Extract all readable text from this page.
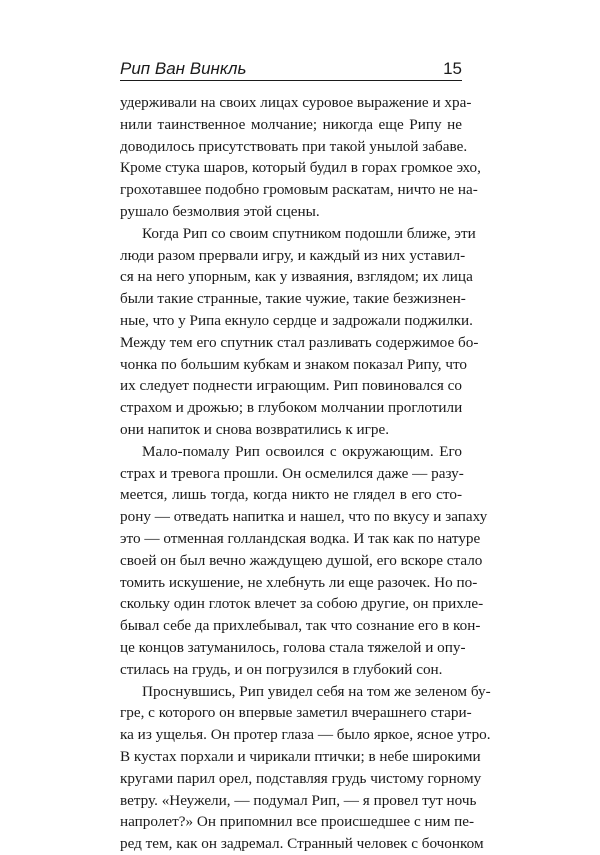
Рип Ван Винкль	15
удерживали на своих лицах суровое выражение и хра-
нили таинственное молчание; никогда еще Рипу не
доводилось присутствовать при такой унылой забаве.
Кроме стука шаров, который будил в горах громкое эхо,
грохотавшее подобно громовым раскатам, ничто не на-
рушало безмолвия этой сцены.
Когда Рип со своим спутником подошли ближе, эти
люди разом прервали игру, и каждый из них уставил-
ся на него упорным, как у изваяния, взглядом; их лица
были такие странные, такие чужие, такие безжизнен-
ные, что у Рипа екнуло сердце и задрожали поджилки.
Между тем его спутник стал разливать содержимое бо-
чонка по большим кубкам и знаком показал Рипу, что
их следует поднести играющим. Рип повиновался со
страхом и дрожью; в глубоком молчании проглотили
они напиток и снова возвратились к игре.
Мало-помалу Рип освоился с окружающим. Его
страх и тревога прошли. Он осмелился даже — разу-
меется, лишь тогда, когда никто не глядел в его сто-
рону — отведать напитка и нашел, что по вкусу и запаху
это — отменная голландская водка. И так как по натуре
своей он был вечно жаждущею душой, его вскоре стало
томить искушение, не хлебнуть ли еще разочек. Но по-
скольку один глоток влечет за собою другие, он прихле-
бывал себе да прихлебывал, так что сознание его в кон-
це концов затуманилось, голова стала тяжелой и опу-
стилась на грудь, и он погрузился в глубокий сон.
Проснувшись, Рип увидел себя на том же зеленом бу-
гре, с которого он впервые заметил вчерашнего стари-
ка из ущелья. Он протер глаза — было яркое, ясное утро.
В кустах порхали и чирикали птички; в небе широкими
кругами парил орел, подставляя грудь чистому горному
ветру. «Неужели, — подумал Рип, — я провел тут ночь
напролет?» Он припомнил все происшедшее с ним пе-
ред тем, как он задремал. Странный человек с бочонком
